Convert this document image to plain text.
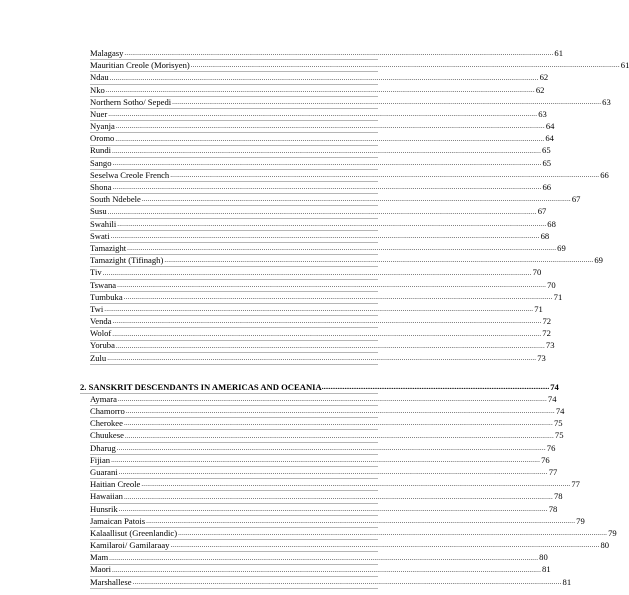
Malagasy ............................................................................................................................................................................................................................ 61
Mauritian Creole (Morisyen) ............................................................................................................................................................................................................................ 61
Ndau ............................................................................................................................................................................................................................ 62
Nko ............................................................................................................................................................................................................................ 62
Northern Sotho/ Sepedi ............................................................................................................................................................................................................................ 63
Nuer ............................................................................................................................................................................................................................ 63
Nyanja ............................................................................................................................................................................................................................ 64
Oromo ............................................................................................................................................................................................................................ 64
Rundi ............................................................................................................................................................................................................................ 65
Sango ............................................................................................................................................................................................................................ 65
Seselwa Creole French ............................................................................................................................................................................................................................ 66
Shona ............................................................................................................................................................................................................................ 66
South Ndebele ............................................................................................................................................................................................................................ 67
Susu ............................................................................................................................................................................................................................ 67
Swahili ............................................................................................................................................................................................................................ 68
Swati ............................................................................................................................................................................................................................ 68
Tamazight ............................................................................................................................................................................................................................ 69
Tamazight (Tifinagh) ............................................................................................................................................................................................................................ 69
Tiv ............................................................................................................................................................................................................................ 70
Tswana ............................................................................................................................................................................................................................ 70
Tumbuka ............................................................................................................................................................................................................................ 71
Twi ............................................................................................................................................................................................................................ 71
Venda ............................................................................................................................................................................................................................ 72
Wolof ............................................................................................................................................................................................................................ 72
Yoruba ............................................................................................................................................................................................................................ 73
Zulu ............................................................................................................................................................................................................................ 73
2. SANSKRIT DESCENDANTS IN AMERICAS AND OCEANIA .................................................................................................................................. 74
Aymara ............................................................................................................................................................................................................................ 74
Chamorro ............................................................................................................................................................................................................................ 74
Cherokee ............................................................................................................................................................................................................................ 75
Chuukese ............................................................................................................................................................................................................................ 75
Dharug ............................................................................................................................................................................................................................ 76
Fijian ............................................................................................................................................................................................................................ 76
Guarani ............................................................................................................................................................................................................................ 77
Haitian Creole ............................................................................................................................................................................................................................ 77
Hawaiian ............................................................................................................................................................................................................................ 78
Hunsrik ............................................................................................................................................................................................................................ 78
Jamaican Patois ............................................................................................................................................................................................................................ 79
Kalaallisut (Greenlandic) ............................................................................................................................................................................................................................ 79
Kamilaroi/ Gamilaraay ............................................................................................................................................................................................................................ 80
Mam ............................................................................................................................................................................................................................ 80
Maori ............................................................................................................................................................................................................................ 81
Marshallese ............................................................................................................................................................................................................................ 81
